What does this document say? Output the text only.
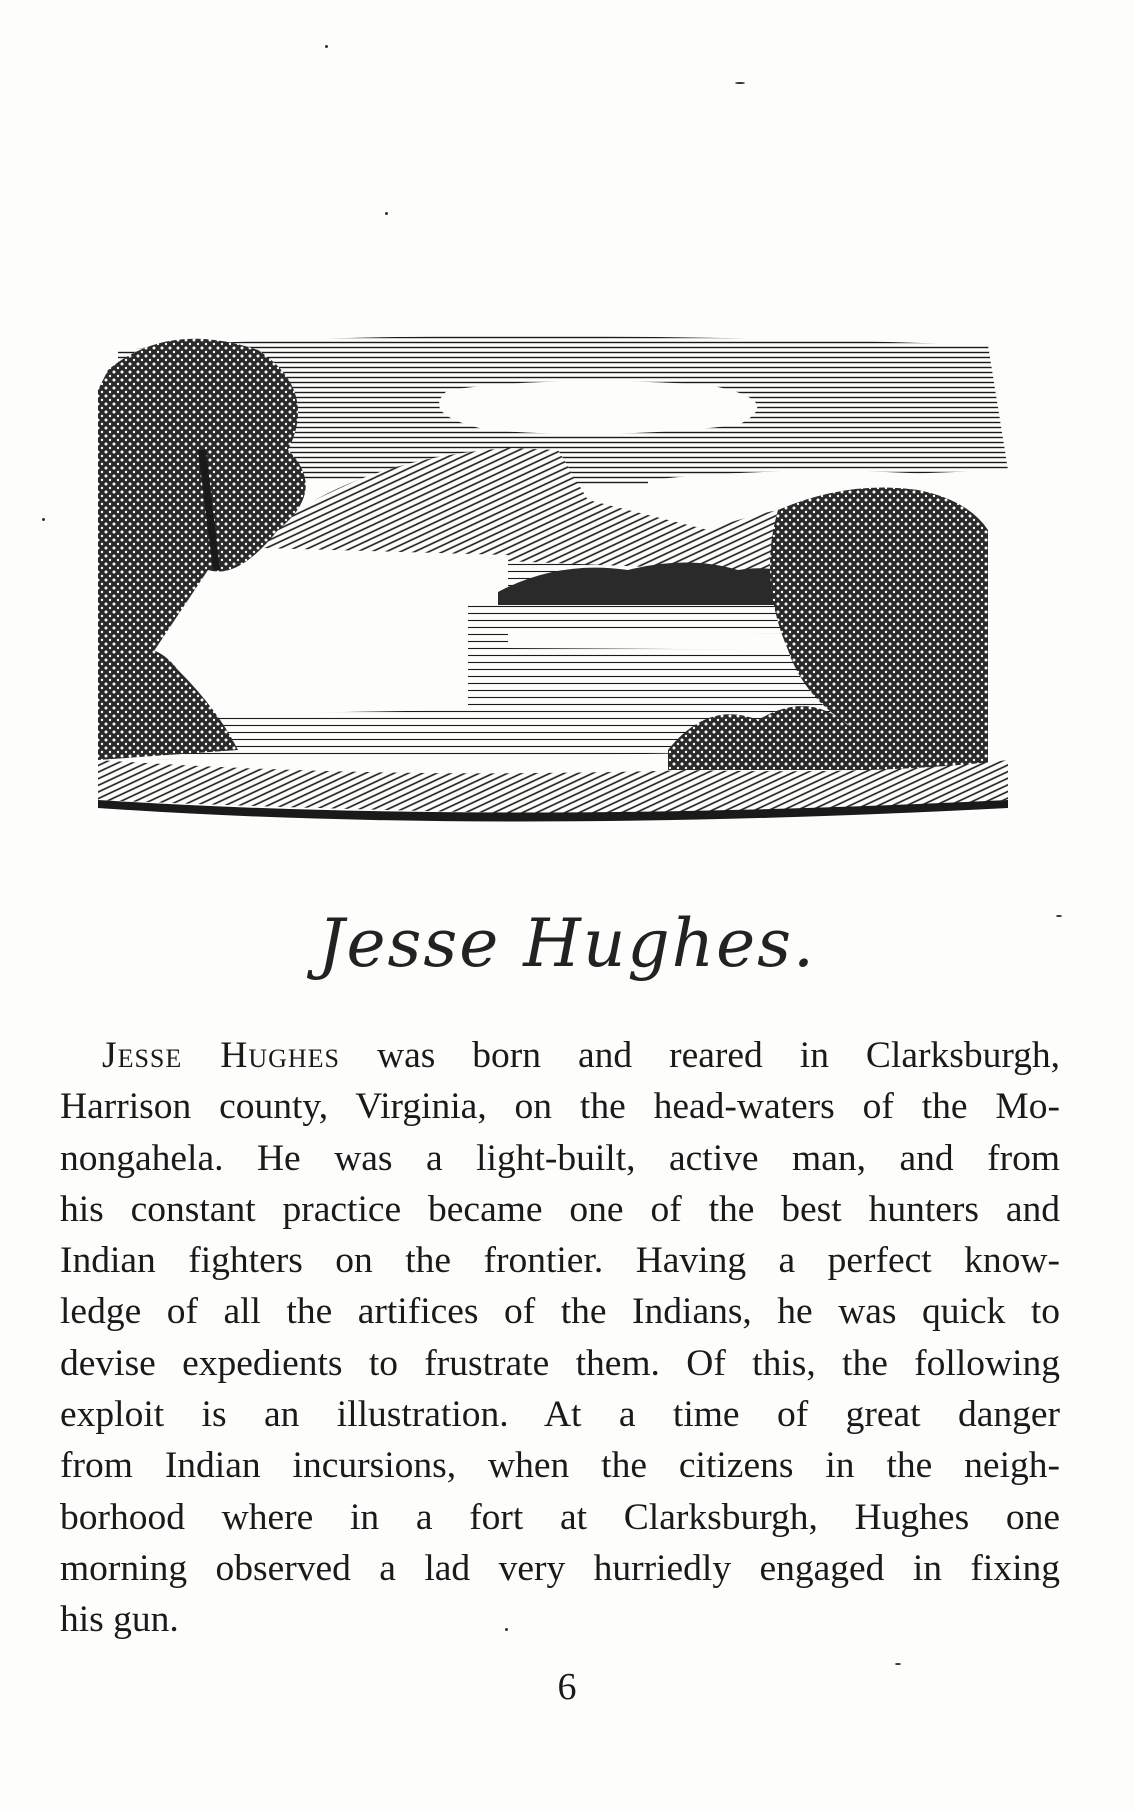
Jesse Hughes.
Jesse Hughes was born and reared in Clarksburgh,
Harrison county, Virginia, on the head-waters of the Mo-
nongahela. He was a light-built, active man, and from
his constant practice became one of the best hunters and
Indian fighters on the frontier. Having a perfect know-
ledge of all the artifices of the Indians, he was quick to
devise expedients to frustrate them. Of this, the following
exploit is an illustration. At a time of great danger
from Indian incursions, when the citizens in the neigh-
borhood where in a fort at Clarksburgh, Hughes one
morning observed a lad very hurriedly engaged in fixing
his gun.
6
